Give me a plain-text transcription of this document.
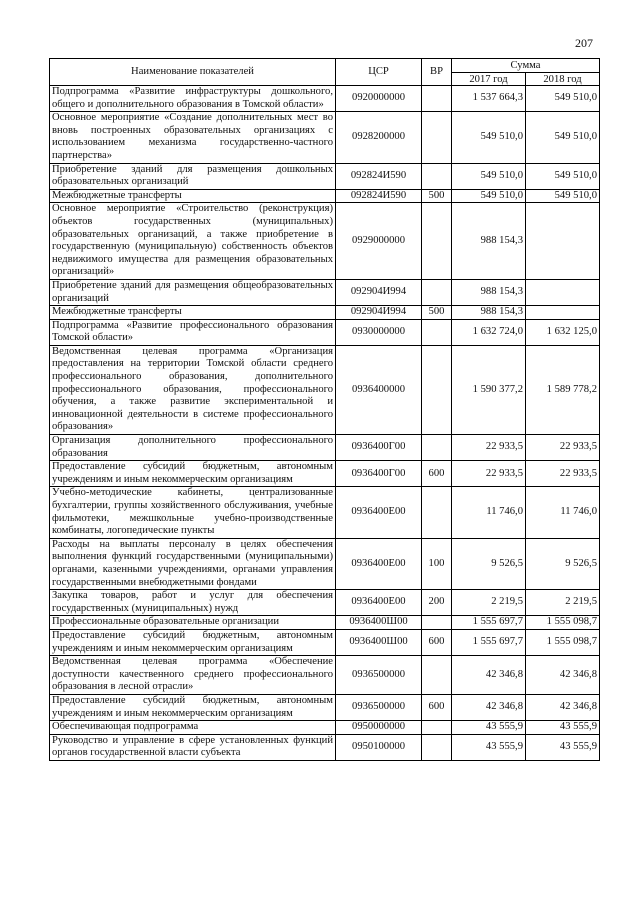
207
Наименование показателей	ЦСР	ВР	Сумма	
			2017 год	2018 год
Подпрограмма «Развитие инфраструктуры дошкольного, общего и дополнительного образования в Томской области»	0920000000		1 537 664,3	549 510,0
Основное мероприятие «Создание дополнительных мест во вновь построенных образовательных организациях с использованием механизма государственно-частного партнерства»	0928200000		549 510,0	549 510,0
Приобретение зданий для размещения дошкольных образовательных организаций	092824И590		549 510,0	549 510,0
Межбюджетные трансферты	092824И590	500	549 510,0	549 510,0
Основное мероприятие «Строительство (реконструкция) объектов государственных (муниципальных) образовательных организаций, а также приобретение в государственную (муниципальную) собственность объектов недвижимого имущества для размещения образовательных организаций»	0929000000		988 154,3	
Приобретение зданий для размещения общеобразовательных организаций	092904И994		988 154,3	
Межбюджетные трансферты	092904И994	500	988 154,3	
Подпрограмма «Развитие профессионального образования Томской области»	0930000000		1 632 724,0	1 632 125,0
Ведомственная целевая программа «Организация предоставления на территории Томской области среднего профессионального образования, дополнительного профессионального образования, профессионального обучения, а также развитие экспериментальной и инновационной деятельности в системе профессионального образования»	0936400000		1 590 377,2	1 589 778,2
Организация дополнительного профессионального образования	0936400Г00		22 933,5	22 933,5
Предоставление субсидий бюджетным, автономным учреждениям и иным некоммерческим организациям	0936400Г00	600	22 933,5	22 933,5
Учебно-методические кабинеты, централизованные бухгалтерии, группы хозяйственного обслуживания, учебные фильмотеки, межшкольные учебно-производственные комбинаты, логопедические пункты	0936400Е00		11 746,0	11 746,0
Расходы на выплаты персоналу в целях обеспечения выполнения функций государственными (муниципальными) органами, казенными учреждениями, органами управления государственными внебюджетными фондами	0936400Е00	100	9 526,5	9 526,5
Закупка товаров, работ и услуг для обеспечения государственных (муниципальных) нужд	0936400Е00	200	2 219,5	2 219,5
Профессиональные образовательные организации	0936400Ш00		1 555 697,7	1 555 098,7
Предоставление субсидий бюджетным, автономным учреждениям и иным некоммерческим организациям	0936400Ш00	600	1 555 697,7	1 555 098,7
Ведомственная целевая программа «Обеспечение доступности качественного среднего профессионального образования в лесной отрасли»	0936500000		42 346,8	42 346,8
Предоставление субсидий бюджетным, автономным учреждениям и иным некоммерческим организациям	0936500000	600	42 346,8	42 346,8
Обеспечивающая подпрограмма	0950000000		43 555,9	43 555,9
Руководство и управление в сфере установленных функций органов государственной власти субъекта	0950100000		43 555,9	43 555,9
